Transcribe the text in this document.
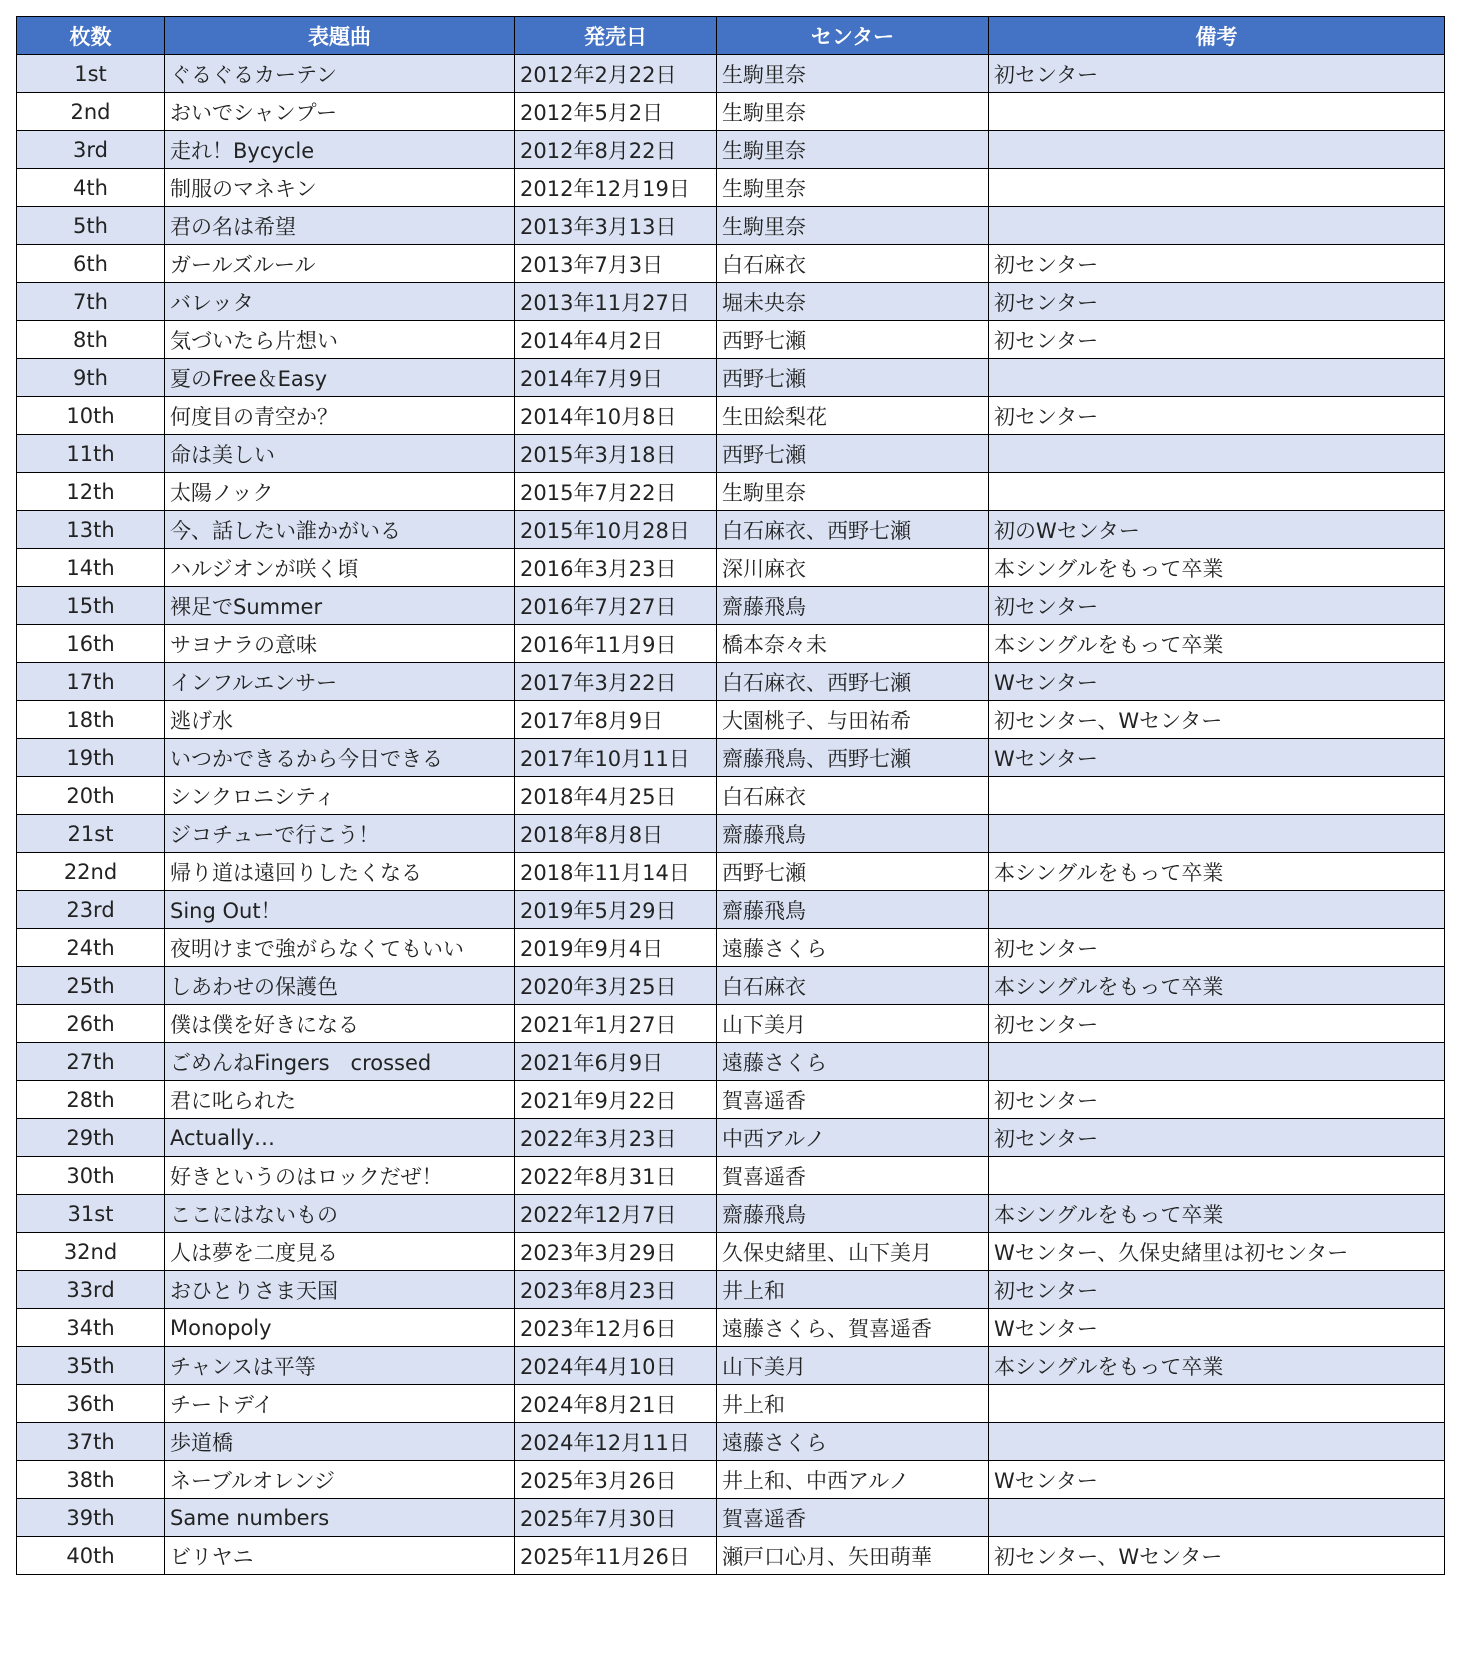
枚数	表題曲	発売日	センター	備考
1st	ぐるぐるカーテン	2012年2月22日	生駒里奈	初センター
2nd	おいでシャンプー	2012年5月2日	生駒里奈	
3rd	走れ！Bycycle	2012年8月22日	生駒里奈	
4th	制服のマネキン	2012年12月19日	生駒里奈	
5th	君の名は希望	2013年3月13日	生駒里奈	
6th	ガールズルール	2013年7月3日	白石麻衣	初センター
7th	バレッタ	2013年11月27日	堀未央奈	初センター
8th	気づいたら片想い	2014年4月2日	西野七瀬	初センター
9th	夏のFree＆Easy	2014年7月9日	西野七瀬	
10th	何度目の青空か？	2014年10月8日	生田絵梨花	初センター
11th	命は美しい	2015年3月18日	西野七瀬	
12th	太陽ノック	2015年7月22日	生駒里奈	
13th	今、話したい誰かがいる	2015年10月28日	白石麻衣、西野七瀬	初のWセンター
14th	ハルジオンが咲く頃	2016年3月23日	深川麻衣	本シングルをもって卒業
15th	裸足でSummer	2016年7月27日	齋藤飛鳥	初センター
16th	サヨナラの意味	2016年11月9日	橋本奈々未	本シングルをもって卒業
17th	インフルエンサー	2017年3月22日	白石麻衣、西野七瀬	Wセンター
18th	逃げ水	2017年8月9日	大園桃子、与田祐希	初センター、Wセンター
19th	いつかできるから今日できる	2017年10月11日	齋藤飛鳥、西野七瀬	Wセンター
20th	シンクロニシティ	2018年4月25日	白石麻衣	
21st	ジコチューで行こう！	2018年8月8日	齋藤飛鳥	
22nd	帰り道は遠回りしたくなる	2018年11月14日	西野七瀬	本シングルをもって卒業
23rd	Sing Out！	2019年5月29日	齋藤飛鳥	
24th	夜明けまで強がらなくてもいい	2019年9月4日	遠藤さくら	初センター
25th	しあわせの保護色	2020年3月25日	白石麻衣	本シングルをもって卒業
26th	僕は僕を好きになる	2021年1月27日	山下美月	初センター
27th	ごめんねFingers　crossed	2021年6月9日	遠藤さくら	
28th	君に叱られた	2021年9月22日	賀喜遥香	初センター
29th	Actually…	2022年3月23日	中西アルノ	初センター
30th	好きというのはロックだぜ！	2022年8月31日	賀喜遥香	
31st	ここにはないもの	2022年12月7日	齋藤飛鳥	本シングルをもって卒業
32nd	人は夢を二度見る	2023年3月29日	久保史緒里、山下美月	Wセンター、久保史緒里は初センター
33rd	おひとりさま天国	2023年8月23日	井上和	初センター
34th	Monopoly	2023年12月6日	遠藤さくら、賀喜遥香	Wセンター
35th	チャンスは平等	2024年4月10日	山下美月	本シングルをもって卒業
36th	チートデイ	2024年8月21日	井上和	
37th	歩道橋	2024年12月11日	遠藤さくら	
38th	ネーブルオレンジ	2025年3月26日	井上和、中西アルノ	Wセンター
39th	Same numbers	2025年7月30日	賀喜遥香	
40th	ビリヤニ	2025年11月26日	瀬戸口心月、矢田萌華	初センター、Wセンター
